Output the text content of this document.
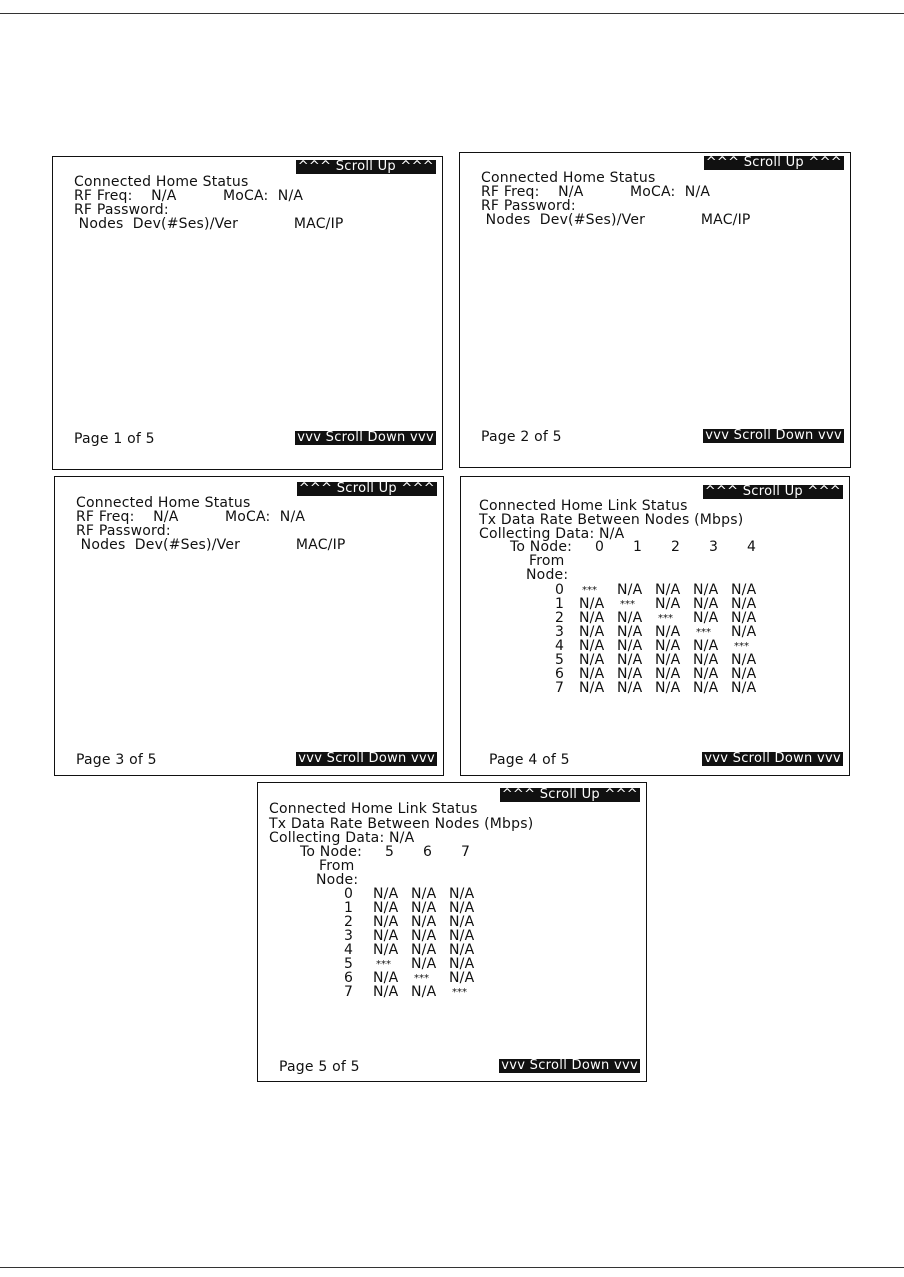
^^^ Scroll Up ^^^

Connected Home Status

RF Freq:    N/A          MoCA:  N/A

RF Password:

Nodes  Dev(#Ses)/Ver            MAC/IP

Page 1 of 5

	vvv Scroll Down vvv

^^^ Scroll Up ^^^

Connected Home Status

RF Freq:    N/A          MoCA:  N/A

RF Password:

Nodes  Dev(#Ses)/Ver            MAC/IP

Page 2 of 5

	vvv Scroll Down vvv

^^^ Scroll Up ^^^

Connected Home Status

RF Freq:    N/A          MoCA:  N/A

RF Password:

Nodes  Dev(#Ses)/Ver            MAC/IP

Page 3 of 5

	vvv Scroll Down vvv

^^^ Scroll Up ^^^

Connected Home Link Status

Tx Data Rate Between Nodes (Mbps)

Collecting Data: N/A

To Node:

From

Node:

Page 4 of 5

	vvv Scroll Down vvv

0 1 2 3 4
0 *** N/A N/A N/A N/A
1 N/A *** N/A N/A N/A
2 N/A N/A *** N/A N/A
3 N/A N/A N/A *** N/A
4 N/A N/A N/A N/A ***
5 N/A N/A N/A N/A N/A
6 N/A N/A N/A N/A N/A
7 N/A N/A N/A N/A N/A

^^^ Scroll Up ^^^

Connected Home Link Status

Tx Data Rate Between Nodes (Mbps)

Collecting Data: N/A

To Node:

From

Node:

Page 5 of 5

	vvv Scroll Down vvv

5 6 7
0 N/A N/A N/A
1 N/A N/A N/A
2 N/A N/A N/A
3 N/A N/A N/A
4 N/A N/A N/A
5 *** N/A N/A
6 N/A *** N/A
7 N/A N/A ***
